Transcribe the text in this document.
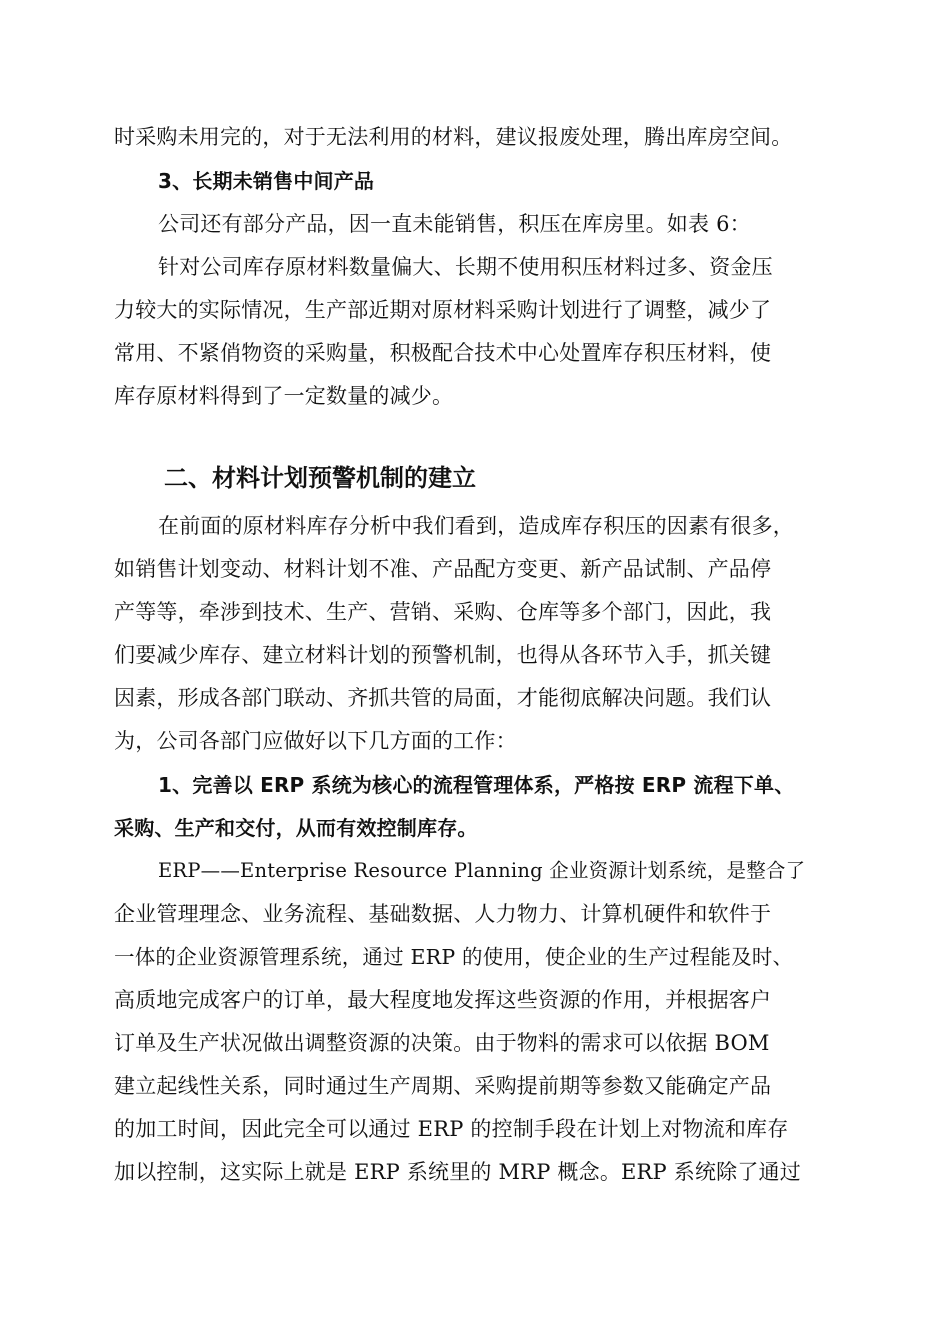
时采购未用完的，对于无法利用的材料，建议报废处理，腾出库房空间。
3、长期未销售中间产品
公司还有部分产品，因一直未能销售，积压在库房里。如表 6：
针对公司库存原材料数量偏大、长期不使用积压材料过多、资金压
力较大的实际情况，生产部近期对原材料采购计划进行了调整，减少了
常用、不紧俏物资的采购量，积极配合技术中心处置库存积压材料，使
库存原材料得到了一定数量的减少。
二、材料计划预警机制的建立
在前面的原材料库存分析中我们看到，造成库存积压的因素有很多，
如销售计划变动、材料计划不准、产品配方变更、新产品试制、产品停
产等等，牵涉到技术、生产、营销、采购、仓库等多个部门，因此，我
们要减少库存、建立材料计划的预警机制，也得从各环节入手，抓关键
因素，形成各部门联动、齐抓共管的局面，才能彻底解决问题。我们认
为，公司各部门应做好以下几方面的工作：
1、完善以 ERP 系统为核心的流程管理体系，严格按 ERP 流程下单、
采购、生产和交付，从而有效控制库存。
ERP——Enterprise Resource Planning 企业资源计划系统，是整合了
企业管理理念、业务流程、基础数据、人力物力、计算机硬件和软件于
一体的企业资源管理系统，通过 ERP 的使用，使企业的生产过程能及时、
高质地完成客户的订单，最大程度地发挥这些资源的作用，并根据客户
订单及生产状况做出调整资源的决策。由于物料的需求可以依据 BOM
建立起线性关系，同时通过生产周期、采购提前期等参数又能确定产品
的加工时间，因此完全可以通过 ERP 的控制手段在计划上对物流和库存
加以控制，这实际上就是 ERP 系统里的 MRP 概念。ERP 系统除了通过
